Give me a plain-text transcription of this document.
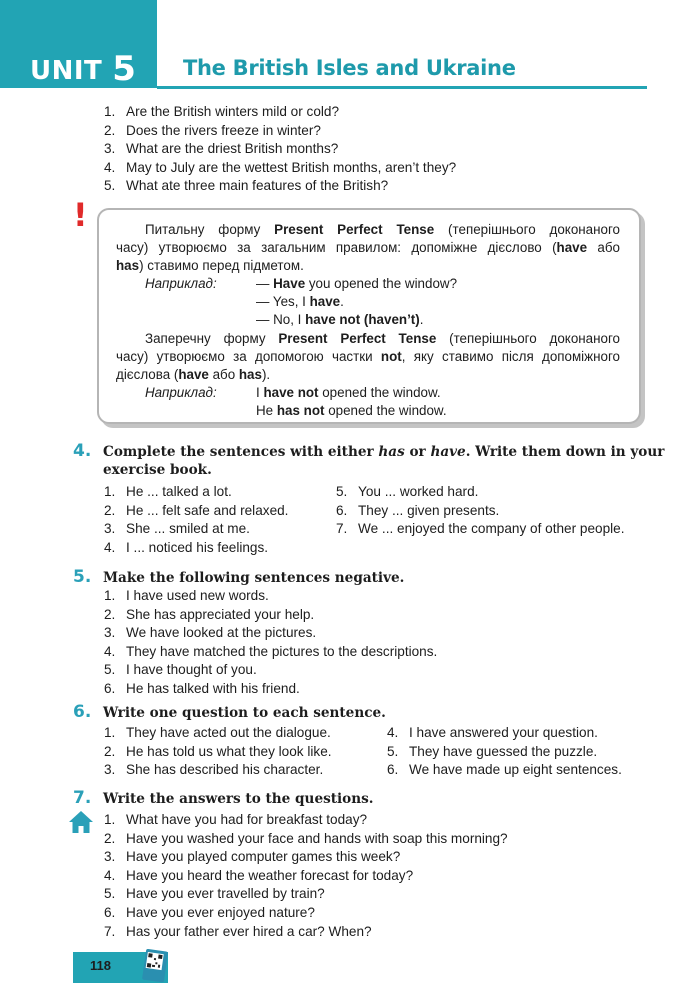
UNIT 5 The British Isles and Ukraine
1. Are the British winters mild or cold?
2. Does the rivers freeze in winter?
3. What are the driest British months?
4. May to July are the wettest British months, aren’t they?
5. What ate three main features of the British?
!	Питальну форму Present Perfect Tense (теперішнього доконаного
часу) утворюємо за загальним правилом: допоміжне дієслово (have або
has) ставимо перед підметом.
Наприклад:	— Have you opened the window?
— Yes, I have.
— No, I have not (haven’t).
Заперечну форму Present Perfect Tense (теперішнього доконаного
часу) утворюємо за допомогою частки not, яку ставимо після допоміжного
дієслова (have або has).
Наприклад:	I have not opened the window.
He has not opened the window.
4. Complete the sentences with either has or have. Write them down in your
exercise book.
1. He ... talked a lot.
2. He ... felt safe and relaxed.
3. She ... smiled at me.
4. I ... noticed his feelings.
5. You ... worked hard.
6. They ... given presents.
7. We ... enjoyed the company of other people.
5. Make the following sentences negative.
1. I have used new words.
2. She has appreciated your help.
3. We have looked at the pictures.
4. They have matched the pictures to the descriptions.
5. I have thought of you.
6. He has talked with his friend.
6. Write one question to each sentence.
1. They have acted out the dialogue.
2. He has told us what they look like.
3. She has described his character.
4. I have answered your question.
5. They have guessed the puzzle.
6. We have made up eight sentences.
7. Write the answers to the questions.
1. What have you had for breakfast today?
2. Have you washed your face and hands with soap this morning?
3. Have you played computer games this week?
4. Have you heard the weather forecast for today?
5. Have you ever travelled by train?
6. Have you ever enjoyed nature?
7. Has your father ever hired a car? When?
118
